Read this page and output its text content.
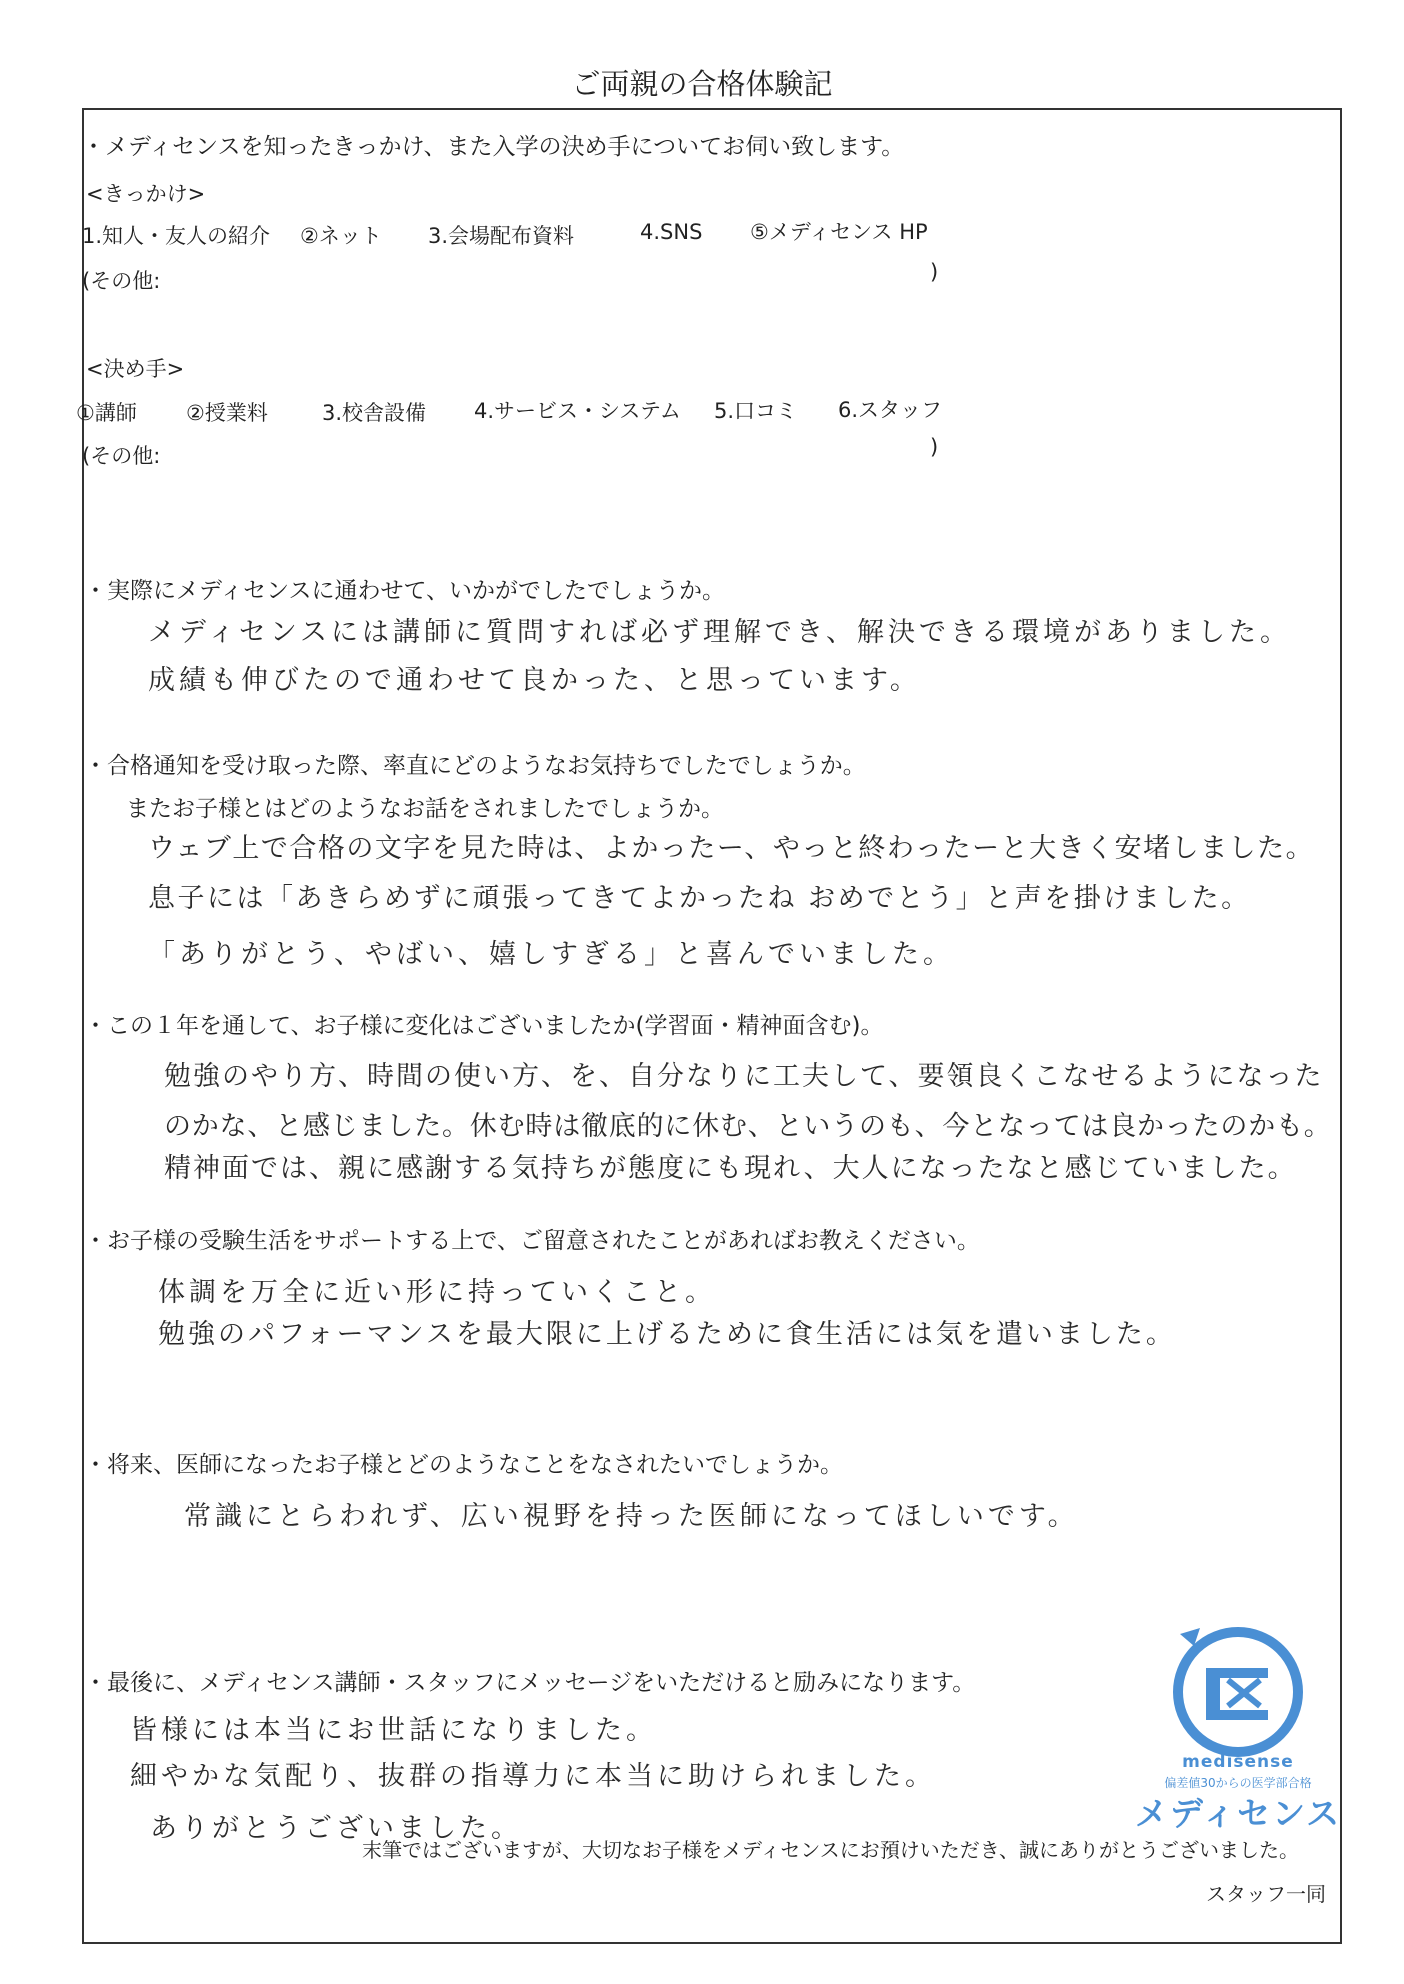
ご両親の合格体験記
・メディセンスを知ったきっかけ、また入学の決め手についてお伺い致します。
<きっかけ>
1.知人・友人の紹介 ②ネット 3.会場配布資料	4.SNS ⑤メディセンス HP
(その他:	)
<決め手>
①講師 ②授業料	3.校舎設備 4.サービス・システム 5.口コミ 6.スタッフ
(その他:	)
・実際にメディセンスに通わせて、いかがでしたでしょうか。
メディセンスには講師に質問すれば必ず理解でき、解決できる環境がありました。
成績も伸びたので通わせて良かった、と思っています。
・合格通知を受け取った際、率直にどのようなお気持ちでしたでしょうか。
またお子様とはどのようなお話をされましたでしょうか。
ウェブ上で合格の文字を見た時は、よかったー、やっと終わったーと大きく安堵しました。
息子には「あきらめずに頑張ってきてよかったね おめでとう」と声を掛けました。
「ありがとう、やばい、嬉しすぎる」と喜んでいました。
・この１年を通して、お子様に変化はございましたか(学習面・精神面含む)。
勉強のやり方、時間の使い方、を、自分なりに工夫して、要領良くこなせるようになった
のかな、と感じました。休む時は徹底的に休む、というのも、今となっては良かったのかも。
精神面では、親に感謝する気持ちが態度にも現れ、大人になったなと感じていました。
・お子様の受験生活をサポートする上で、ご留意されたことがあればお教えください。
体調を万全に近い形に持っていくこと。
勉強のパフォーマンスを最大限に上げるために食生活には気を遣いました。
・将来、医師になったお子様とどのようなことをなされたいでしょうか。
常識にとらわれず、広い視野を持った医師になってほしいです。
・最後に、メディセンス講師・スタッフにメッセージをいただけると励みになります。
皆様には本当にお世話になりました。
細やかな気配り、抜群の指導力に本当に助けられました。
ありがとうございました。
medisense
偏差値30からの医学部合格
メディセンス
末筆ではございますが、大切なお子様をメディセンスにお預けいただき、誠にありがとうございました。
スタッフ一同
